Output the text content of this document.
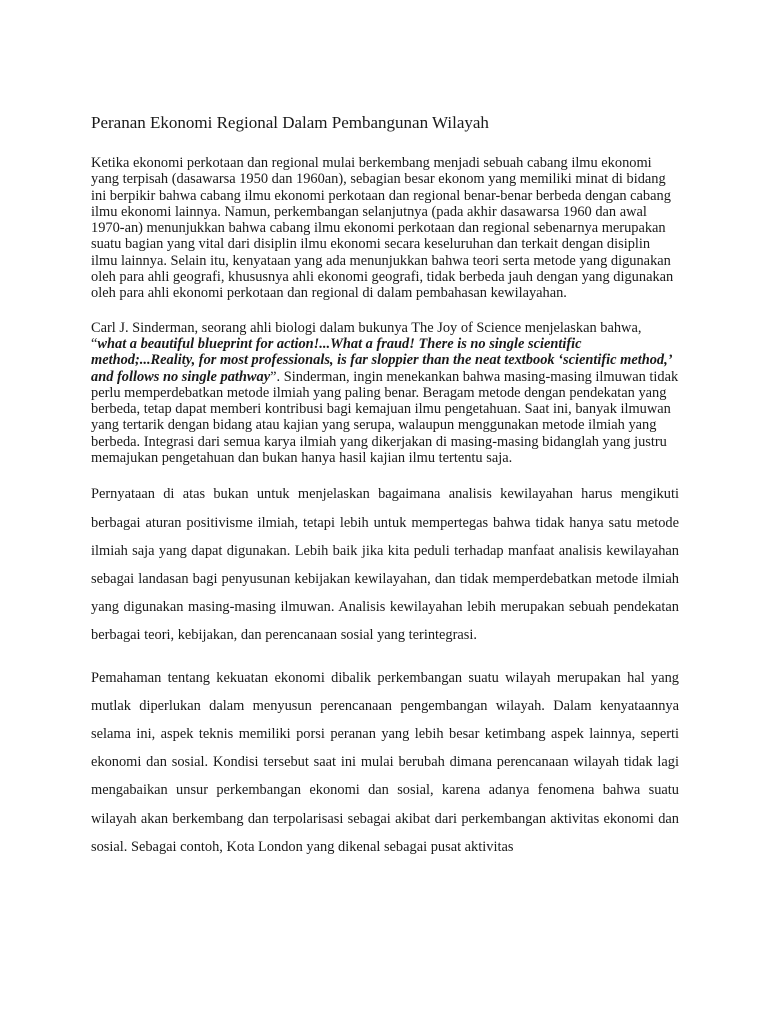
Peranan Ekonomi Regional Dalam Pembangunan Wilayah

Ketika ekonomi perkotaan dan regional mulai berkembang menjadi sebuah cabang ilmu ekonomi yang terpisah (dasawarsa 1950 dan 1960an), sebagian besar ekonom yang memiliki minat di bidang ini berpikir bahwa cabang ilmu ekonomi perkotaan dan regional benar-benar berbeda dengan cabang ilmu ekonomi lainnya. Namun, perkembangan selanjutnya (pada akhir dasawarsa 1960 dan awal 1970-an) menunjukkan bahwa cabang ilmu ekonomi perkotaan dan regional sebenarnya merupakan suatu bagian yang vital dari disiplin ilmu ekonomi secara keseluruhan dan terkait dengan disiplin ilmu lainnya. Selain itu, kenyataan yang ada menunjukkan bahwa teori serta metode yang digunakan oleh para ahli geografi, khususnya ahli ekonomi geografi, tidak berbeda jauh dengan yang digunakan oleh para ahli ekonomi perkotaan dan regional di dalam pembahasan kewilayahan.

Carl J. Sinderman, seorang ahli biologi dalam bukunya The Joy of Science menjelaskan bahwa, “what a beautiful blueprint for action!...What a fraud! There is no single scientific method;...Reality, for most professionals, is far sloppier than the neat textbook ‘scientific method,’ and follows no single pathway”. Sinderman, ingin menekankan bahwa masing-masing ilmuwan tidak perlu memperdebatkan metode ilmiah yang paling benar. Beragam metode dengan pendekatan yang berbeda, tetap dapat memberi kontribusi bagi kemajuan ilmu pengetahuan. Saat ini, banyak ilmuwan yang tertarik dengan bidang atau kajian yang serupa, walaupun menggunakan metode ilmiah yang berbeda. Integrasi dari semua karya ilmiah yang dikerjakan di masing-masing bidanglah yang justru memajukan pengetahuan dan bukan hanya hasil kajian ilmu tertentu saja.

Pernyataan di atas bukan untuk menjelaskan bagaimana analisis kewilayahan harus mengikuti berbagai aturan positivisme ilmiah, tetapi lebih untuk mempertegas bahwa tidak hanya satu metode ilmiah saja yang dapat digunakan. Lebih baik jika kita peduli terhadap manfaat analisis kewilayahan sebagai landasan bagi penyusunan kebijakan kewilayahan, dan tidak memperdebatkan metode ilmiah yang digunakan masing-masing ilmuwan. Analisis kewilayahan lebih merupakan sebuah pendekatan berbagai teori, kebijakan, dan perencanaan sosial yang terintegrasi.

Pemahaman tentang kekuatan ekonomi dibalik perkembangan suatu wilayah merupakan hal yang mutlak diperlukan dalam menyusun perencanaan pengembangan wilayah. Dalam kenyataannya selama ini, aspek teknis memiliki porsi peranan yang lebih besar ketimbang aspek lainnya, seperti ekonomi dan sosial. Kondisi tersebut saat ini mulai berubah dimana perencanaan wilayah tidak lagi mengabaikan unsur perkembangan ekonomi dan sosial, karena adanya fenomena bahwa suatu wilayah akan berkembang dan terpolarisasi sebagai akibat dari perkembangan aktivitas ekonomi dan sosial. Sebagai contoh, Kota London yang dikenal sebagai pusat aktivitas
